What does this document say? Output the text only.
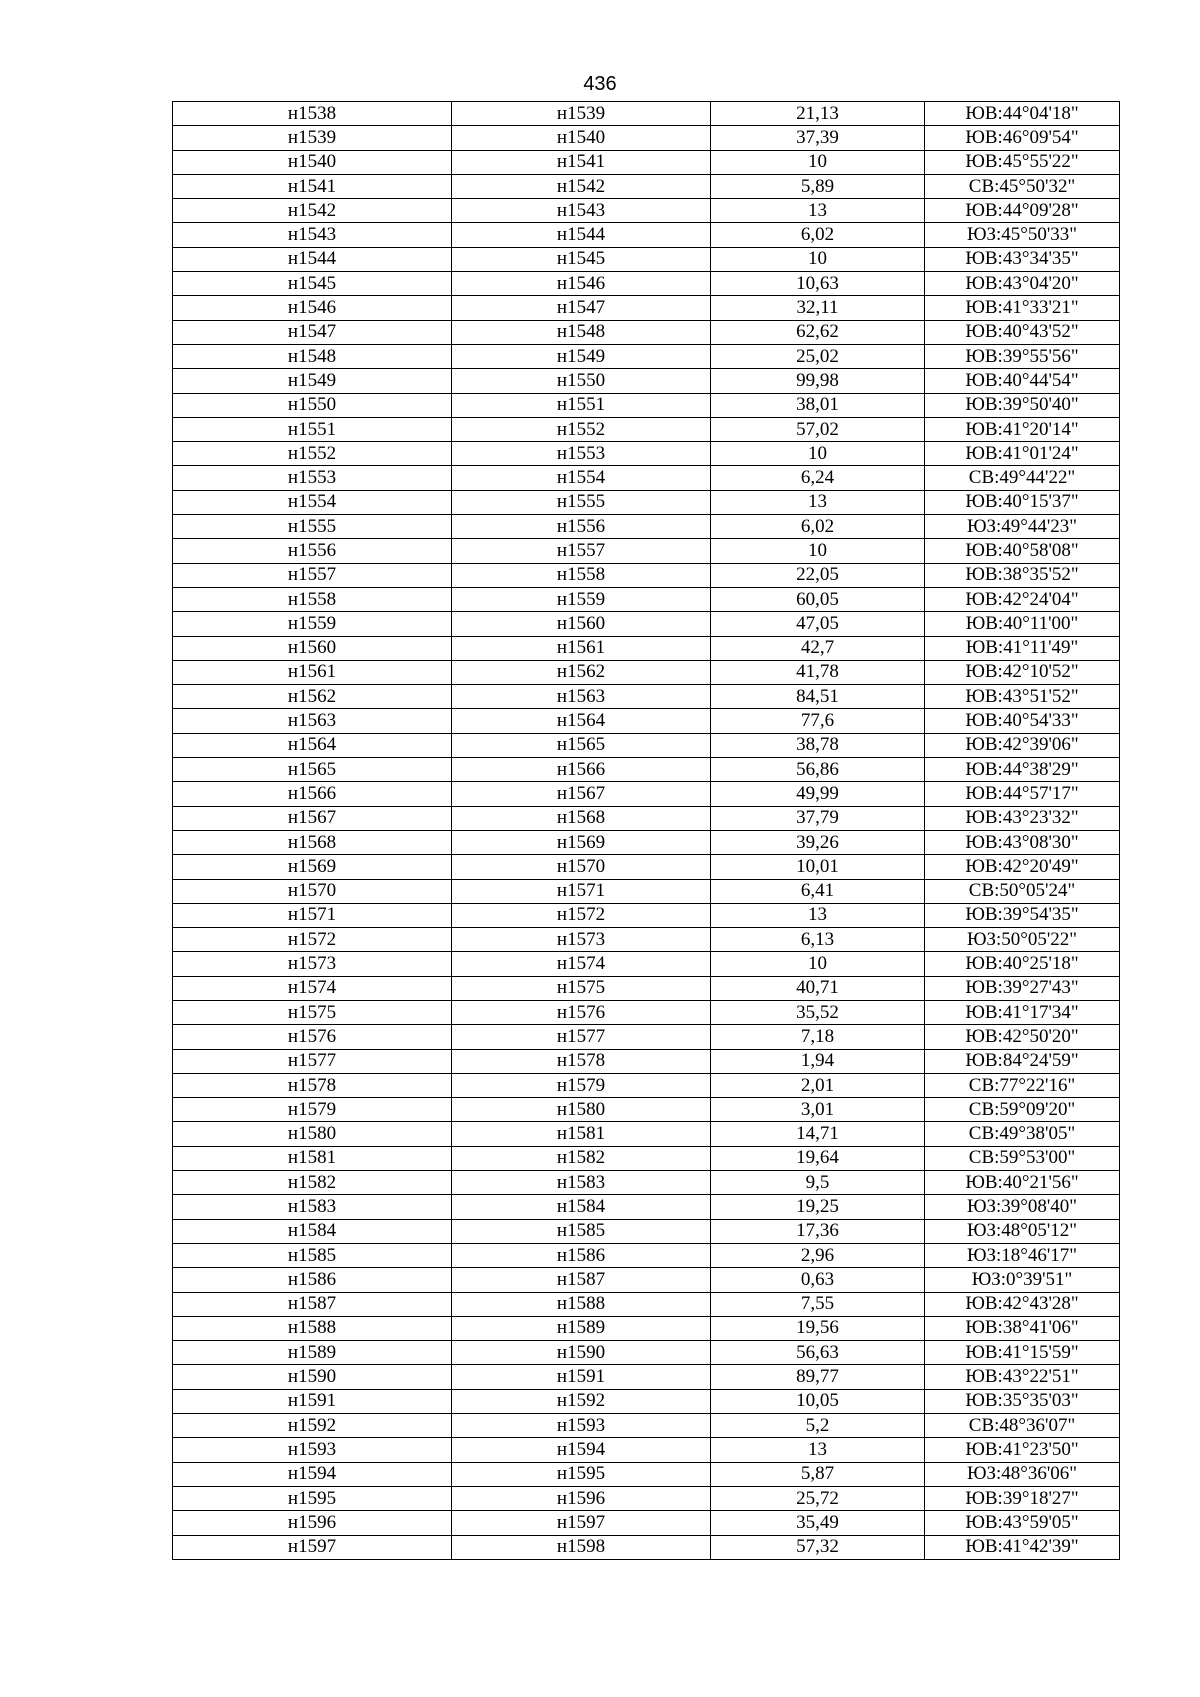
436
н1538	н1539	21,13	ЮВ:44°04'18"
н1539	н1540	37,39	ЮВ:46°09'54"
н1540	н1541	10	ЮВ:45°55'22"
н1541	н1542	5,89	СВ:45°50'32"
н1542	н1543	13	ЮВ:44°09'28"
н1543	н1544	6,02	ЮЗ:45°50'33"
н1544	н1545	10	ЮВ:43°34'35"
н1545	н1546	10,63	ЮВ:43°04'20"
н1546	н1547	32,11	ЮВ:41°33'21"
н1547	н1548	62,62	ЮВ:40°43'52"
н1548	н1549	25,02	ЮВ:39°55'56"
н1549	н1550	99,98	ЮВ:40°44'54"
н1550	н1551	38,01	ЮВ:39°50'40"
н1551	н1552	57,02	ЮВ:41°20'14"
н1552	н1553	10	ЮВ:41°01'24"
н1553	н1554	6,24	СВ:49°44'22"
н1554	н1555	13	ЮВ:40°15'37"
н1555	н1556	6,02	ЮЗ:49°44'23"
н1556	н1557	10	ЮВ:40°58'08"
н1557	н1558	22,05	ЮВ:38°35'52"
н1558	н1559	60,05	ЮВ:42°24'04"
н1559	н1560	47,05	ЮВ:40°11'00"
н1560	н1561	42,7	ЮВ:41°11'49"
н1561	н1562	41,78	ЮВ:42°10'52"
н1562	н1563	84,51	ЮВ:43°51'52"
н1563	н1564	77,6	ЮВ:40°54'33"
н1564	н1565	38,78	ЮВ:42°39'06"
н1565	н1566	56,86	ЮВ:44°38'29"
н1566	н1567	49,99	ЮВ:44°57'17"
н1567	н1568	37,79	ЮВ:43°23'32"
н1568	н1569	39,26	ЮВ:43°08'30"
н1569	н1570	10,01	ЮВ:42°20'49"
н1570	н1571	6,41	СВ:50°05'24"
н1571	н1572	13	ЮВ:39°54'35"
н1572	н1573	6,13	ЮЗ:50°05'22"
н1573	н1574	10	ЮВ:40°25'18"
н1574	н1575	40,71	ЮВ:39°27'43"
н1575	н1576	35,52	ЮВ:41°17'34"
н1576	н1577	7,18	ЮВ:42°50'20"
н1577	н1578	1,94	ЮВ:84°24'59"
н1578	н1579	2,01	СВ:77°22'16"
н1579	н1580	3,01	СВ:59°09'20"
н1580	н1581	14,71	СВ:49°38'05"
н1581	н1582	19,64	СВ:59°53'00"
н1582	н1583	9,5	ЮВ:40°21'56"
н1583	н1584	19,25	ЮЗ:39°08'40"
н1584	н1585	17,36	ЮЗ:48°05'12"
н1585	н1586	2,96	ЮЗ:18°46'17"
н1586	н1587	0,63	ЮЗ:0°39'51"
н1587	н1588	7,55	ЮВ:42°43'28"
н1588	н1589	19,56	ЮВ:38°41'06"
н1589	н1590	56,63	ЮВ:41°15'59"
н1590	н1591	89,77	ЮВ:43°22'51"
н1591	н1592	10,05	ЮВ:35°35'03"
н1592	н1593	5,2	СВ:48°36'07"
н1593	н1594	13	ЮВ:41°23'50"
н1594	н1595	5,87	ЮЗ:48°36'06"
н1595	н1596	25,72	ЮВ:39°18'27"
н1596	н1597	35,49	ЮВ:43°59'05"
н1597	н1598	57,32	ЮВ:41°42'39"
